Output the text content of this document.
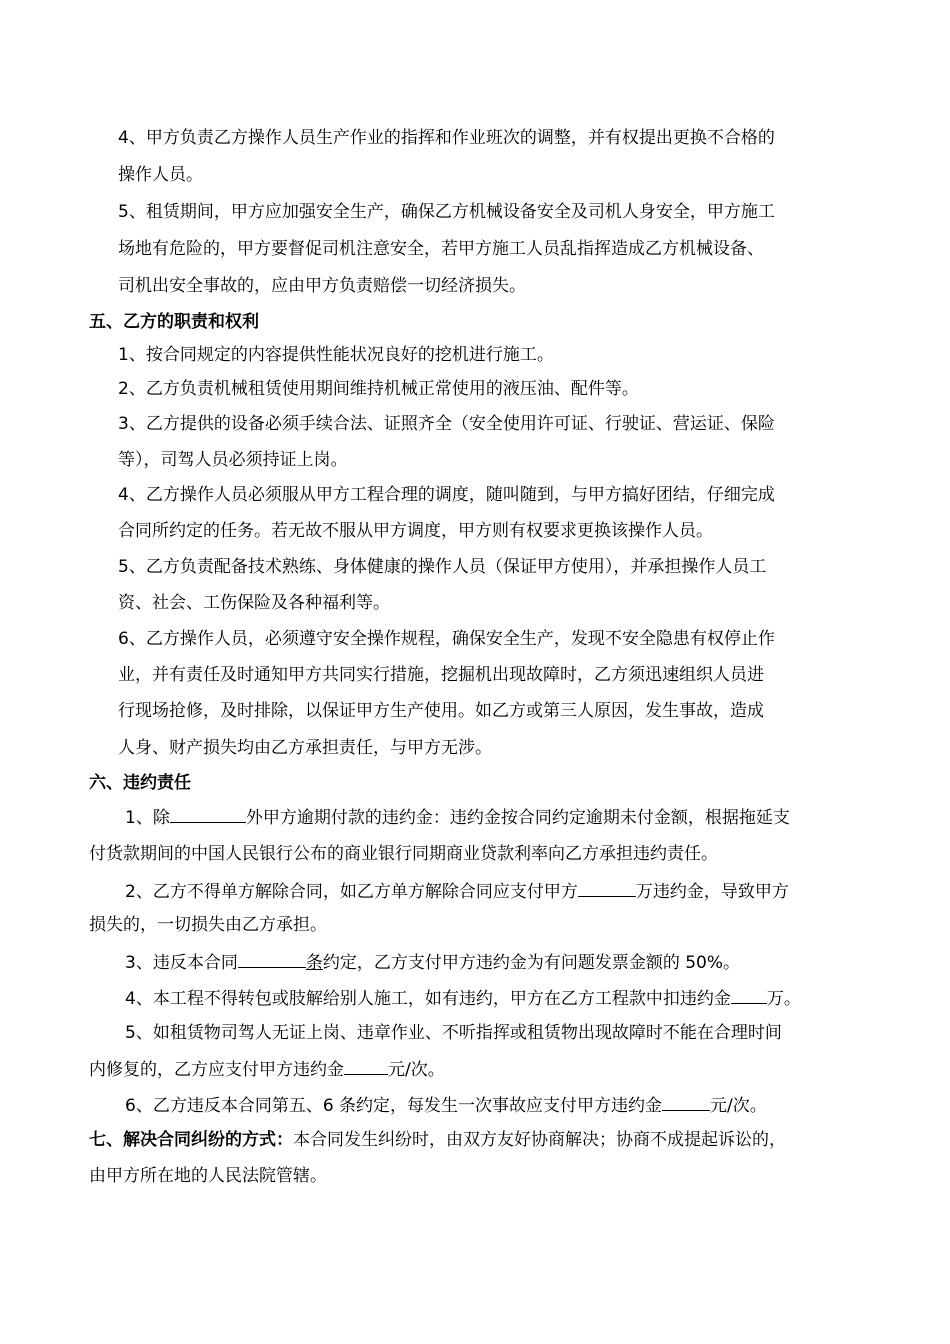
4、甲方负责乙方操作人员生产作业的指挥和作业班次的调整，并有权提出更换不合格的
操作人员。
5、租赁期间，甲方应加强安全生产，确保乙方机械设备安全及司机人身安全，甲方施工
场地有危险的，甲方要督促司机注意安全，若甲方施工人员乱指挥造成乙方机械设备、
司机出安全事故的，应由甲方负责赔偿一切经济损失。
五、乙方的职责和权利
1、按合同规定的内容提供性能状况良好的挖机进行施工。
2、乙方负责机械租赁使用期间维持机械正常使用的液压油、配件等。
3、乙方提供的设备必须手续合法、证照齐全（安全使用许可证、行驶证、营运证、保险
等），司驾人员必须持证上岗。
4、乙方操作人员必须服从甲方工程合理的调度，随叫随到，与甲方搞好团结，仔细完成
合同所约定的任务。若无故不服从甲方调度，甲方则有权要求更换该操作人员。
5、乙方负责配备技术熟练、身体健康的操作人员（保证甲方使用），并承担操作人员工
资、社会、工伤保险及各种福利等。
6、乙方操作人员，必须遵守安全操作规程，确保安全生产，发现不安全隐患有权停止作
业，并有责任及时通知甲方共同实行措施，挖掘机出现故障时，乙方须迅速组织人员进
行现场抢修，及时排除，以保证甲方生产使用。如乙方或第三人原因，发生事故，造成
人身、财产损失均由乙方承担责任，与甲方无涉。
六、违约责任
1、除	外甲方逾期付款的违约金：违约金按合同约定逾期未付金额，根据拖延支
付货款期间的中国人民银行公布的商业银行同期商业贷款利率向乙方承担违约责任。
2、乙方不得单方解除合同，如乙方单方解除合同应支付甲方	万违约金，导致甲方
损失的，一切损失由乙方承担。
3、违反本合同	条约定，乙方支付甲方违约金为有问题发票金额的 50%。
4、本工程不得转包或肢解给别人施工，如有违约，甲方在乙方工程款中扣违约金 万。
5、如租赁物司驾人无证上岗、违章作业、不听指挥或租赁物出现故障时不能在合理时间
内修复的，乙方应支付甲方违约金	元/次。
6、乙方违反本合同第五、6 条约定，每发生一次事故应支付甲方违约金	元/次。
七、解决合同纠纷的方式：本合同发生纠纷时，由双方友好协商解决；协商不成提起诉讼的，
由甲方所在地的人民法院管辖。
